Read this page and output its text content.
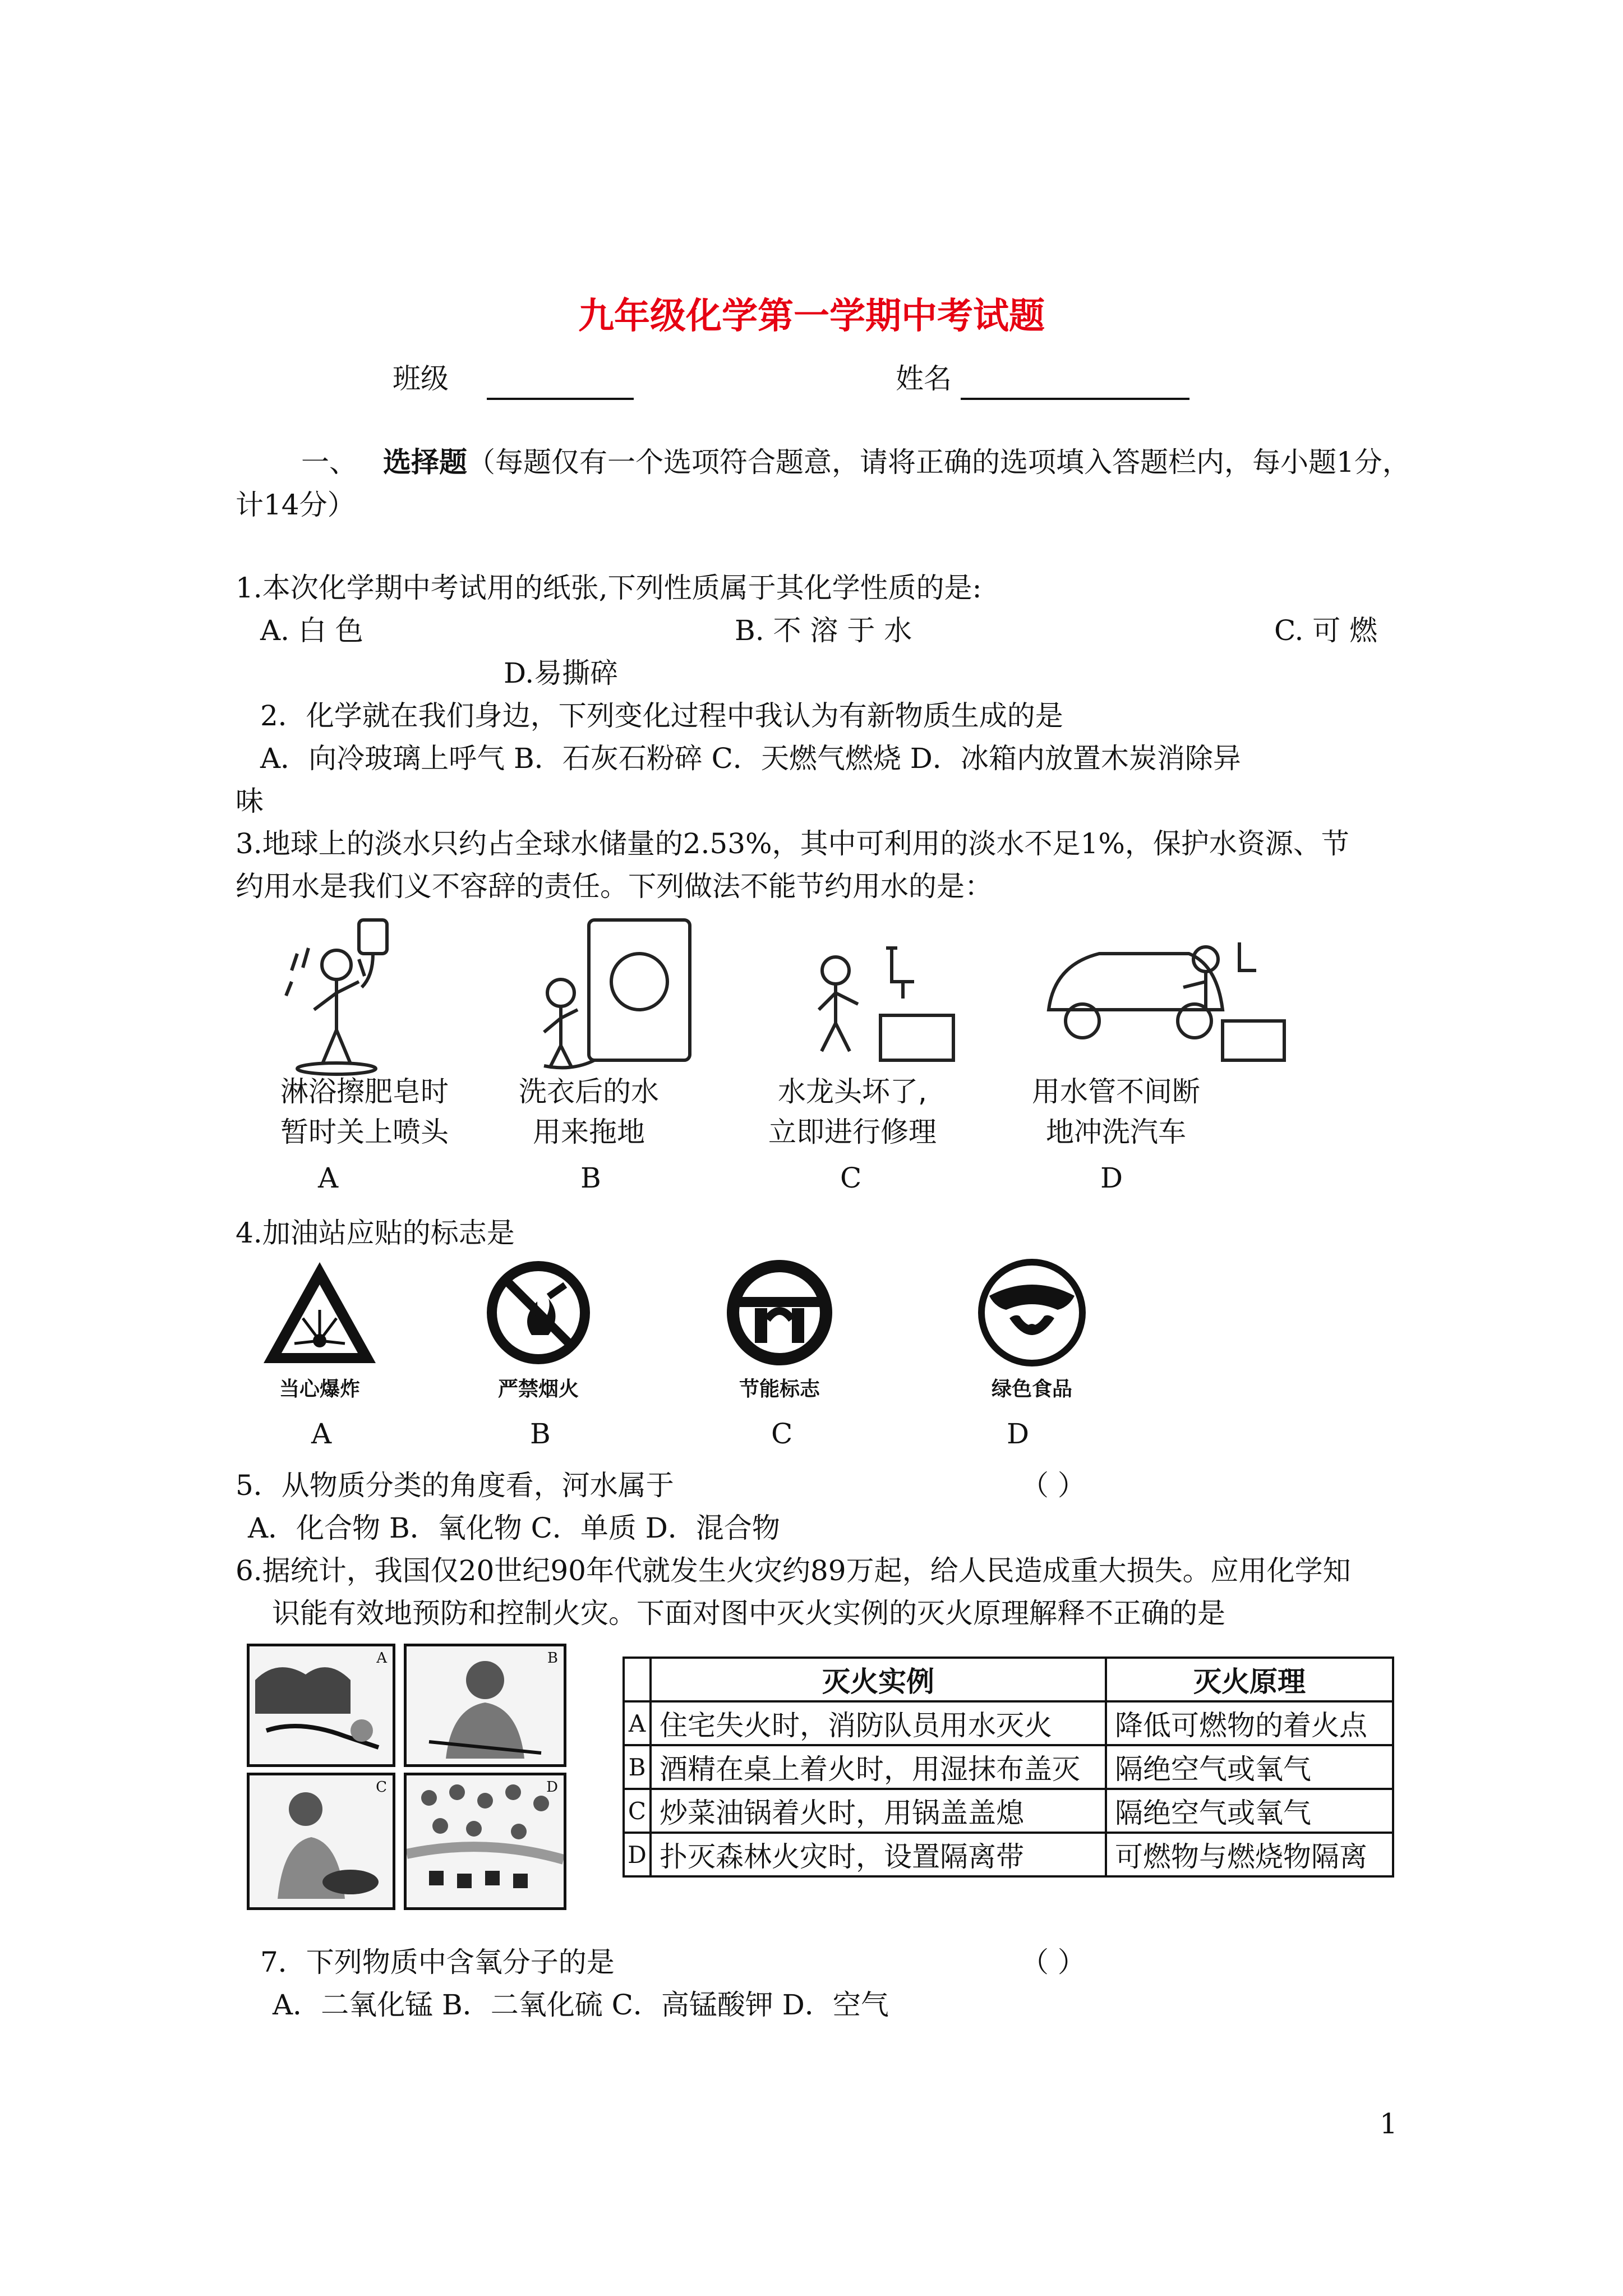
九年级化学第一学期中考试题
班级	姓名
一、 选择题（每题仅有一个选项符合题意，请将正确的选项填入答题栏内，每小题1分，
计14分）
1.本次化学期中考试用的纸张,下列性质属于其化学性质的是:
A. 白 色	B. 不 溶 于 水	C. 可 燃
D.易撕碎
2．化学就在我们身边，下列变化过程中我认为有新物质生成的是
A．向冷玻璃上呼气 B．石灰石粉碎 C．天燃气燃烧 D．冰箱内放置木炭消除异
味
3.地球上的淡水只约占全球水储量的2.53%，其中可利用的淡水不足1%，保护水资源、节
约用水是我们义不容辞的责任。下列做法不能节约用水的是：
淋浴擦肥皂时
暂时关上喷头
A
洗衣后的水
用来拖地
B
水龙头坏了,
立即进行修理
C
用水管不间断
地冲洗汽车
D
4.加油站应贴的标志是
当心爆炸	严禁烟火	节能标志	绿色食品
A	B	C	D
5．从物质分类的角度看，河水属于	（ ）
A．化合物 B．氧化物 C．单质 D．混合物
6.据统计，我国仅20世纪90年代就发生火灾约89万起，给人民造成重大损失。应用化学知
识能有效地预防和控制火灾。下面对图中灭火实例的灭火原理解释不正确的是
A	B
C	D
	灭火实例	灭火原理
A	住宅失火时，消防队员用水灭火	降低可燃物的着火点
B	酒精在桌上着火时，用湿抹布盖灭	隔绝空气或氧气
C	炒菜油锅着火时，用锅盖盖熄	隔绝空气或氧气
D	扑灭森林火灾时，设置隔离带	可燃物与燃烧物隔离
7．下列物质中含氧分子的是	（ ）
A．二氧化锰 B．二氧化硫 C．高锰酸钾 D．空气
1
